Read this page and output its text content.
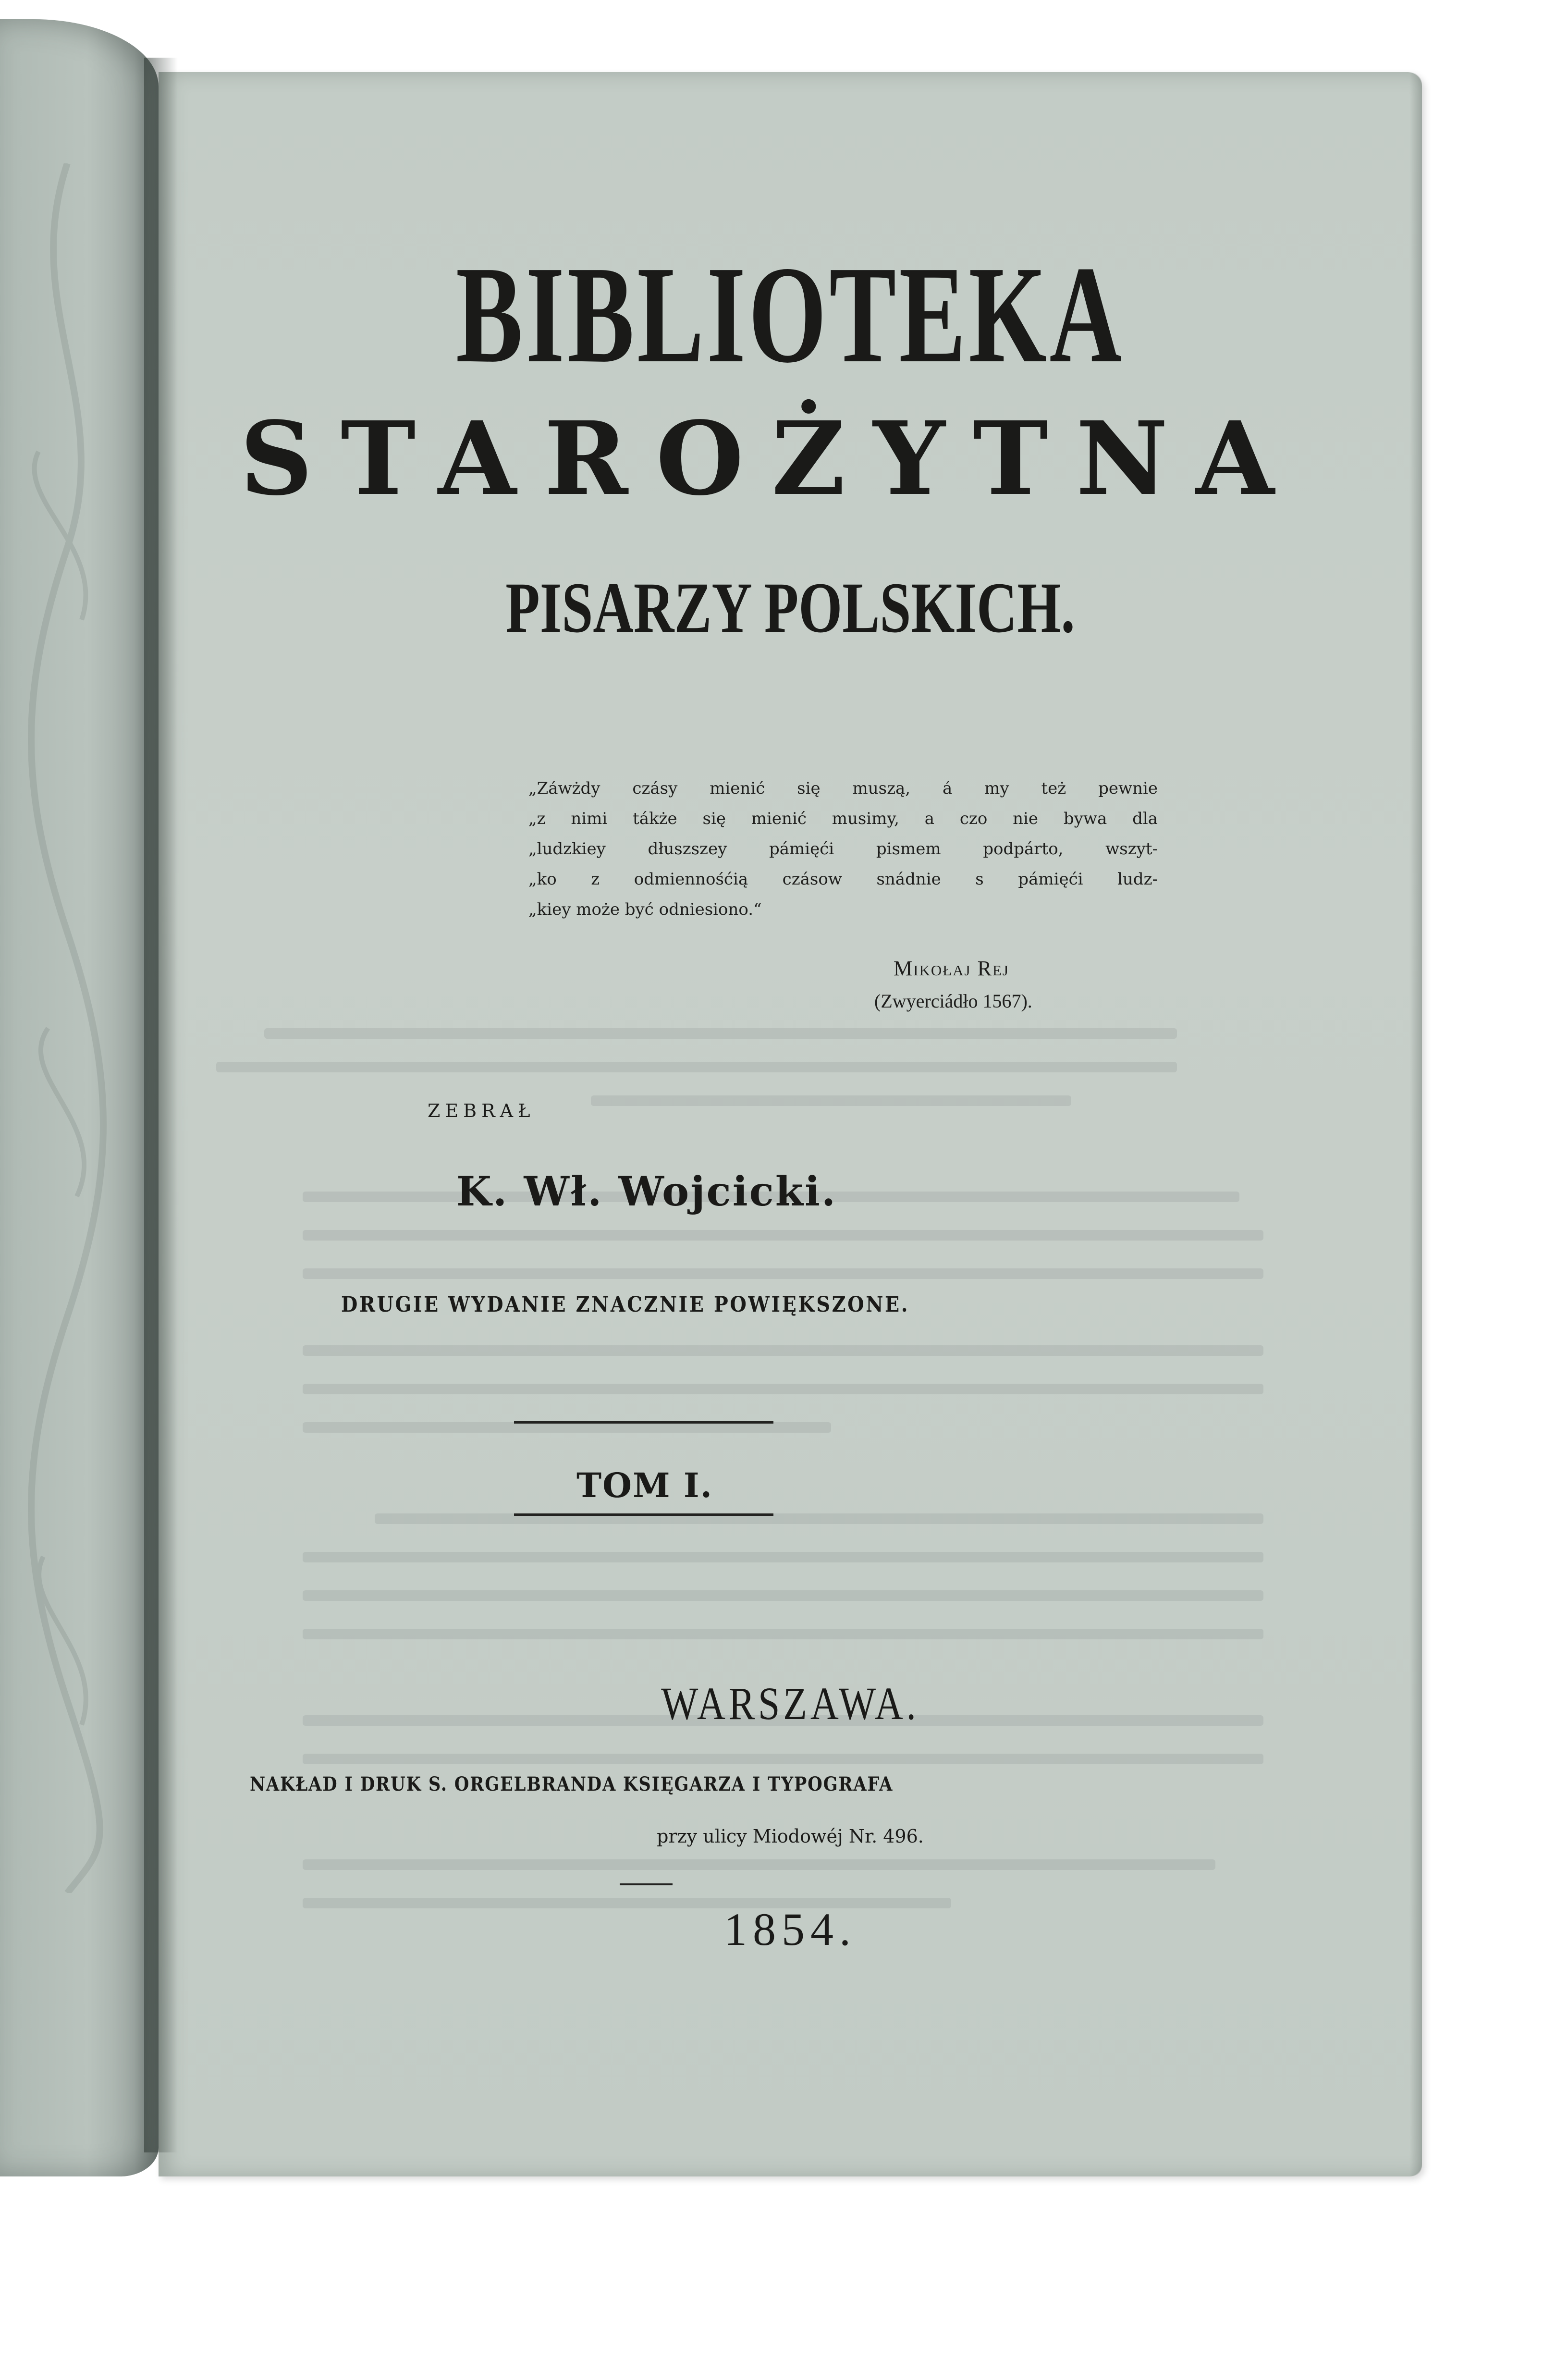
BIBLIOTEKA
STAROŻYTNA
PISARZY POLSKICH.
„Záwżdy czásy mienić się muszą, á my też pewnie
„z nimi tákże się mienić musimy, a czo nie bywa dla
„ludzkiey dłuszszey pámięći pismem podpárto, wszyt-
„ko z odmiennośćią czásow snádnie s pámięći ludz-
„kiey może być odniesiono.“
Mikołaj Rej
(Zwyerciádło 1567).
ZEBRAŁ
K. Wł. Wojcicki.
DRUGIE WYDANIE ZNACZNIE POWIĘKSZONE.
TOM I.
WARSZAWA.
NAKŁAD I DRUK S. ORGELBRANDA KSIĘGARZA I TYPOGRAFA
przy ulicy Miodowéj Nr. 496.
1854.
